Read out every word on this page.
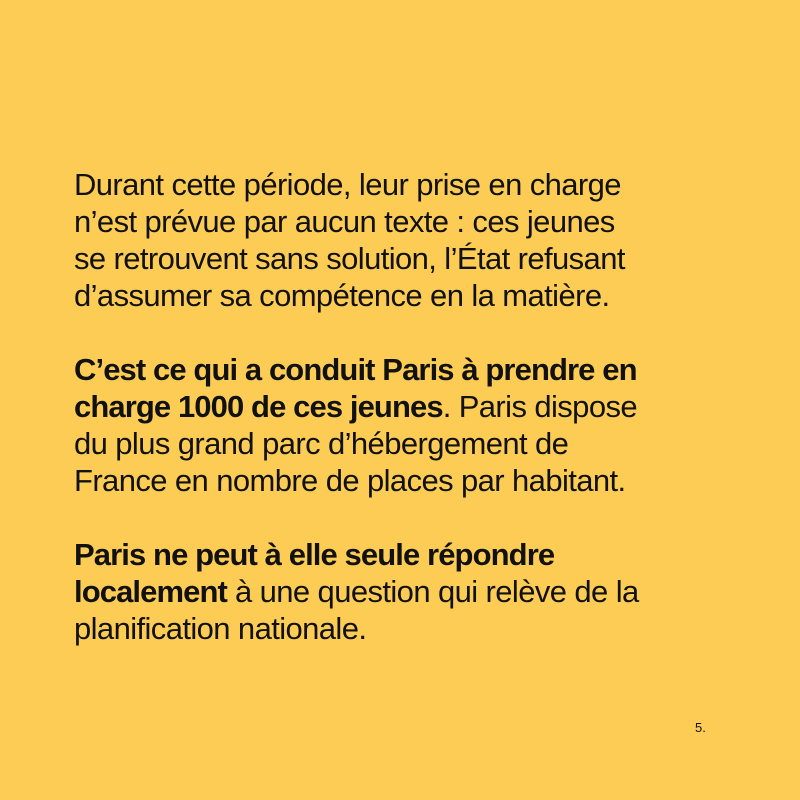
Durant cette période, leur prise en charge
n’est prévue par aucun texte : ces jeunes
se retrouvent sans solution, l’État refusant
d’assumer sa compétence en la matière.

C’est ce qui a conduit Paris à prendre en
charge 1000 de ces jeunes. Paris dispose
du plus grand parc d’hébergement de
France en nombre de places par habitant.

Paris ne peut à elle seule répondre
localement à une question qui relève de la
planification nationale.

5.
